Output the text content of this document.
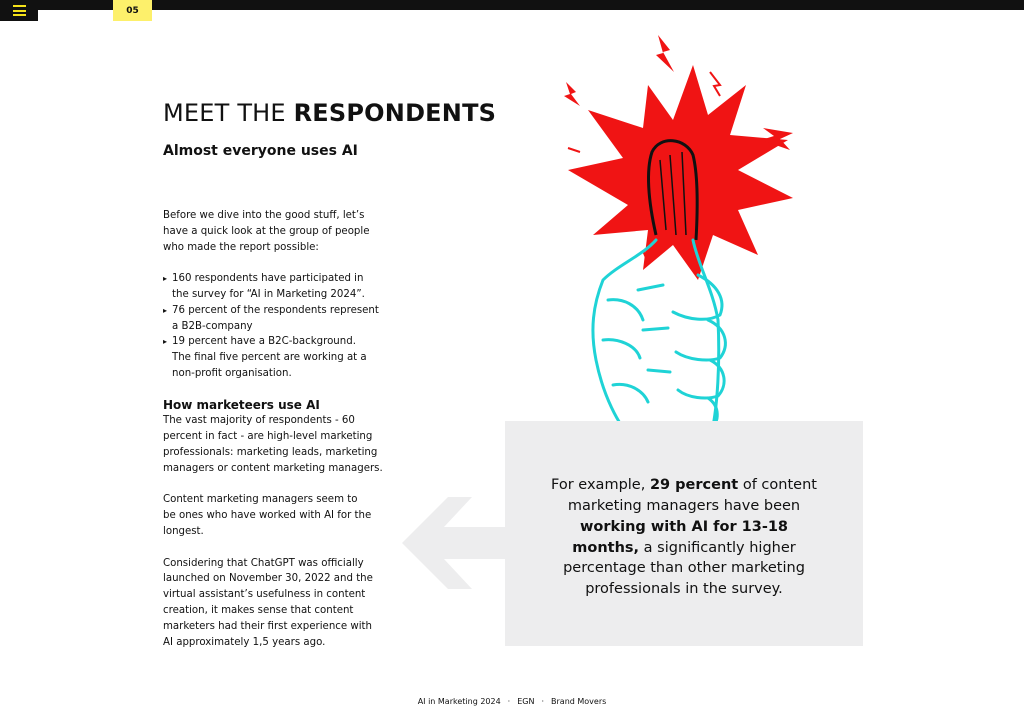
05
MEET THE RESPONDENTS
Almost everyone uses AI

Before we dive into the good stuff, let’s
have a quick look at the group of people
who made the report possible:

▸ 160 respondents have participated in
the survey for “AI in Marketing 2024”.
▸ 76 percent of the respondents represent
a B2B-company
▸ 19 percent have a B2C-background.
The final five percent are working at a
non-profit organisation.
How marketeers use AI

The vast majority of respondents - 60
percent in fact - are high-level marketing
professionals: marketing leads, marketing
managers or content marketing managers.

Content marketing managers seem to
be ones who have worked with AI for the
longest.

Considering that ChatGPT was officially
launched on November 30, 2022 and the
virtual assistant’s usefulness in content
creation, it makes sense that content
marketers had their first experience with
AI approximately 1,5 years ago.

For example, 29 percent of content marketing managers have been working with AI for 13-18 months, a significantly higher percentage than other marketing professionals in the survey.
AI in Marketing 2024 · EGN · Brand Movers
